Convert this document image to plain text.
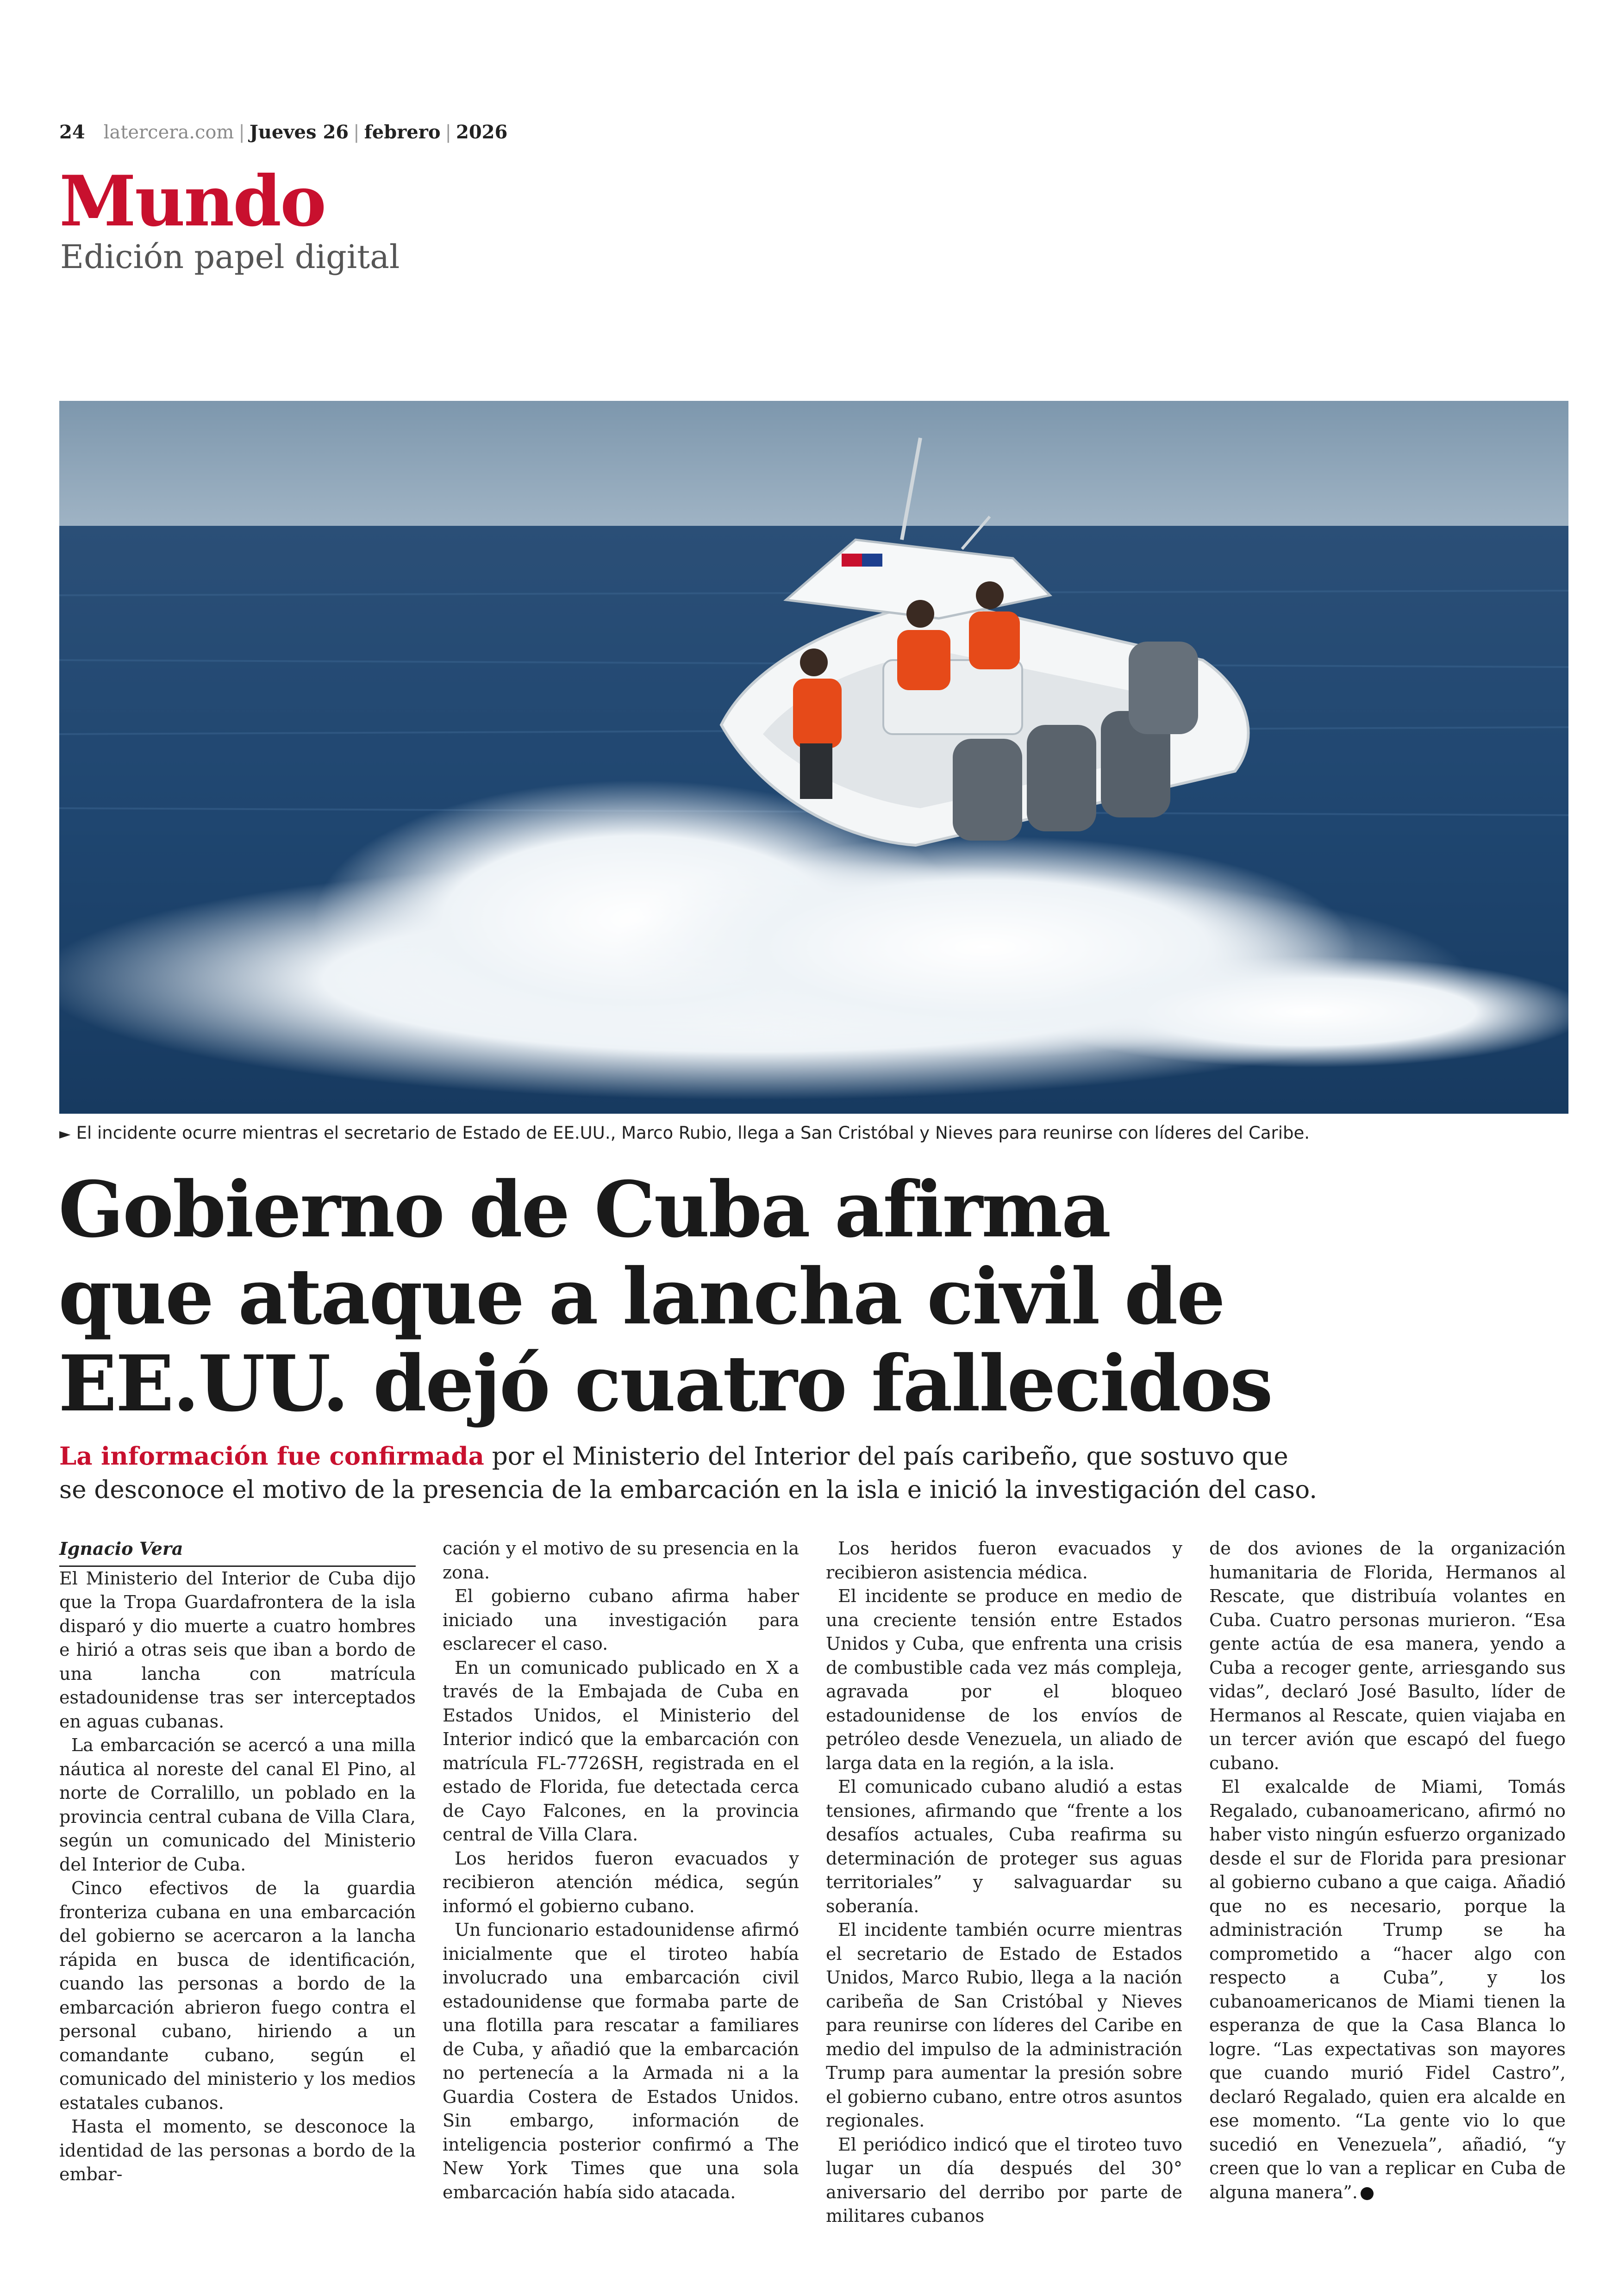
24 latercera.com | Jueves 26 | febrero | 2026
Mundo
Edición papel digital
► El incidente ocurre mientras el secretario de Estado de EE.UU., Marco Rubio, llega a San Cristóbal y Nieves para reunirse con líderes del Caribe.
Gobierno de Cuba afirma
que ataque a lancha civil de
EE.UU. dejó cuatro fallecidos
La información fue confirmada por el Ministerio del Interior del país caribeño, que sostuvo que
se desconoce el motivo de la presencia de la embarcación en la isla e inició la investigación del caso.

Ignacio Vera

El Ministerio del Interior de Cuba dijo que la Tropa Guardafrontera de la isla disparó y dio muerte a cuatro hombres e hirió a otras seis que iban a bordo de una lancha con matrícula estadounidense tras ser interceptados en aguas cubanas.

La embarcación se acercó a una milla náutica al noreste del canal El Pino, al norte de Corralillo, un poblado en la provincia central cubana de Villa Clara, según un comunicado del Ministerio del Interior de Cuba.

Cinco efectivos de la guardia fronteriza cubana en una embarcación del gobierno se acercaron a la lancha rápida en busca de identificación, cuando las personas a bordo de la embarcación abrieron fuego contra el personal cubano, hiriendo a un comandante cubano, según el comunicado del ministerio y los medios estatales cubanos.

Hasta el momento, se desconoce la identidad de las personas a bordo de la embar-

cación y el motivo de su presencia en la zona.

El gobierno cubano afirma haber iniciado una investigación para esclarecer el caso.

En un comunicado publicado en X a través de la Embajada de Cuba en Estados Unidos, el Ministerio del Interior indicó que la embarcación con matrícula FL-7726SH, registrada en el estado de Florida, fue detectada cerca de Cayo Falcones, en la provincia central de Villa Clara.

Los heridos fueron evacuados y recibieron atención médica, según informó el gobierno cubano.

Un funcionario estadounidense afirmó inicialmente que el tiroteo había involucrado una embarcación civil estadounidense que formaba parte de una flotilla para rescatar a familiares de Cuba, y añadió que la embarcación no pertenecía a la Armada ni a la Guardia Costera de Estados Unidos. Sin embargo, información de inteligencia posterior confirmó a The New York Times que una sola embarcación había sido atacada.

Los heridos fueron evacuados y recibieron asistencia médica.

El incidente se produce en medio de una creciente tensión entre Estados Unidos y Cuba, que enfrenta una crisis de combustible cada vez más compleja, agravada por el bloqueo estadounidense de los envíos de petróleo desde Venezuela, un aliado de larga data en la región, a la isla.

El comunicado cubano aludió a estas tensiones, afirmando que “frente a los desafíos actuales, Cuba reafirma su determinación de proteger sus aguas territoriales” y salvaguardar su soberanía.

El incidente también ocurre mientras el secretario de Estado de Estados Unidos, Marco Rubio, llega a la nación caribeña de San Cristóbal y Nieves para reunirse con líderes del Caribe en medio del impulso de la administración Trump para aumentar la presión sobre el gobierno cubano, entre otros asuntos regionales.

El periódico indicó que el tiroteo tuvo lugar un día después del 30° aniversario del derribo por parte de militares cubanos

de dos aviones de la organización humanitaria de Florida, Hermanos al Rescate, que distribuía volantes en Cuba. Cuatro personas murieron. “Esa gente actúa de esa manera, yendo a Cuba a recoger gente, arriesgando sus vidas”, declaró José Basulto, líder de Hermanos al Rescate, quien viajaba en un tercer avión que escapó del fuego cubano.

El exalcalde de Miami, Tomás Regalado, cubanoamericano, afirmó no haber visto ningún esfuerzo organizado desde el sur de Florida para presionar al gobierno cubano a que caiga. Añadió que no es necesario, porque la administración Trump se ha comprometido a “hacer algo con respecto a Cuba”, y los cubanoamericanos de Miami tienen la esperanza de que la Casa Blanca lo logre. “Las expectativas son mayores que cuando murió Fidel Castro”, declaró Regalado, quien era alcalde en ese momento. “La gente vio lo que sucedió en Venezuela”, añadió, “y creen que lo van a replicar en Cuba de alguna manera”.
